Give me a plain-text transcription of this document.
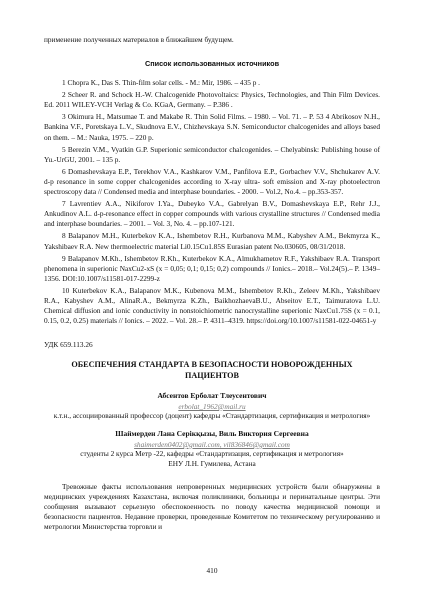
применение полученных материалов в ближайшем будущем.

Список использованных источников

1 Chopra K., Das S. Thin-film solar cells. - M.: Mir, 1986. – 435 p .

2 Scheer R. and Schock H.-W. Chalcogenide Photovoltaics: Physics, Technologies, and Thin Film Devices. Ed. 2011 WILEY-VCH Verlag & Co. KGaA, Germany. – P.386 .

3 Okimura H., Matsumae T. and Makabe R. Thin Solid Films. – 1980. – Vol. 71. – P. 53 4 Abrikosov N.H., Bankina V.F., Poretskaya L.V., Skudnova E.V., Chizhevskaya S.N. Semiconductor chalcogenides and alloys based on them. – M.: Nauka, 1975. – 220 p.

5 Berezin V.M., Vyatkin G.P. Superionic semiconductor chalcogenides. – Chelyabinsk: Publishing house of Yu.-UrGU, 2001. – 135 p.

6 Domashevskaya E.P., Terekhov V.A., Kashkarov V.M., Panfilova E.P., Gorbachev V.V., Shchukarev A.V. d-p resonance in some copper chalcogenides according to X-ray ultra- soft emission and X-ray photoelectron spectroscopy data // Condensed media and interphase boundaries. - 2000. – Vol.2, No.4. – pp.353-357.

7 Lavrentiev A.A., Nikiforov I.Ya., Dubeyko V.A., Gabrelyan B.V., Domashevskaya E.P., Rehr J.J., Ankudinov A.L. d-p-resonance effect in copper compounds with various crystalline structures // Condensed media and interphase boundaries. – 2001. – Vol. 3, No. 4. – pp.107-121.

8 Balapanov M.H., Kuterbekov K.A., Ishembetov R.H., Kurbanova M.M., Kabyshev A.M., Bekmyrza K., Yakshibaev R.A. New thermoelectric material Li0.15Cu1.85S Eurasian patent No.030605, 08/31/2018.

9 Balapanov M.Kh., Ishembetov R.Kh., Kuterbekov K.A., Almukhametov R.F., Yakshibaev R.A. Transport phenomena in superionic NaxCu2-xS (x = 0,05; 0,1; 0,15; 0,2) compounds // Ionics.– 2018.– Vol.24(5).– P. 1349–1356. DOI:10.1007/s11581-017-2299-z

10 Kuterbekov K.A., Balapanov M.K., Kubenova M.M., Ishembetov R.Kh., Zeleev M.Kh., Yakshibaev R.A., Kabyshev A.M., AlinaR.A., Bekmyrza K.Zh., BaikhozhaevaB.U., Abseitov E.T., Taimuratova L.U. Chemical diffusion and ionic conductivity in nonstoichiometric nanocrystalline superionic NaxCu1.75S (x = 0.1, 0.15, 0.2, 0.25) materials // Ionics. – 2022. – Vol. 28.– P. 4311–4319. https://doi.org/10.1007/s11581-022-04651-y

УДК 659.113.26
ОБЕСПЕЧЕНИЯ СТАНДАРТА В БЕЗОПАСНОСТИ НОВОРОЖДЕННЫХ ПАЦИЕНТОВ
Абсентов Ерболат Тлеусентович
erbolat_1962@mail.ru

к.т.н., ассоциированный профессор (доцент) кафедры «Стандартизация, сертификация и метрология»

Шаймерден Лана Серікқызы, Виль Виктория Сергеевна
shaimerden0402@gmail.com, vil836846@gmail.com

студенты 2 курса Метр -22, кафедры «Стандартизация, сертификация и метрология»

ЕНУ Л.Н. Гумилева, Астана

Тревожные факты использования непроверенных медицинских устройств были обнаружены в медицинских учреждениях Казахстана, включая поликлиники, больницы и перинатальные центры. Эти сообщения вызывают серьезную обеспокоенность по поводу качества медицинской помощи и безопасности пациентов. Недавние проверки, проведенные Комитетом по техническому регулированию и метрологии Министерства торговли и

410
